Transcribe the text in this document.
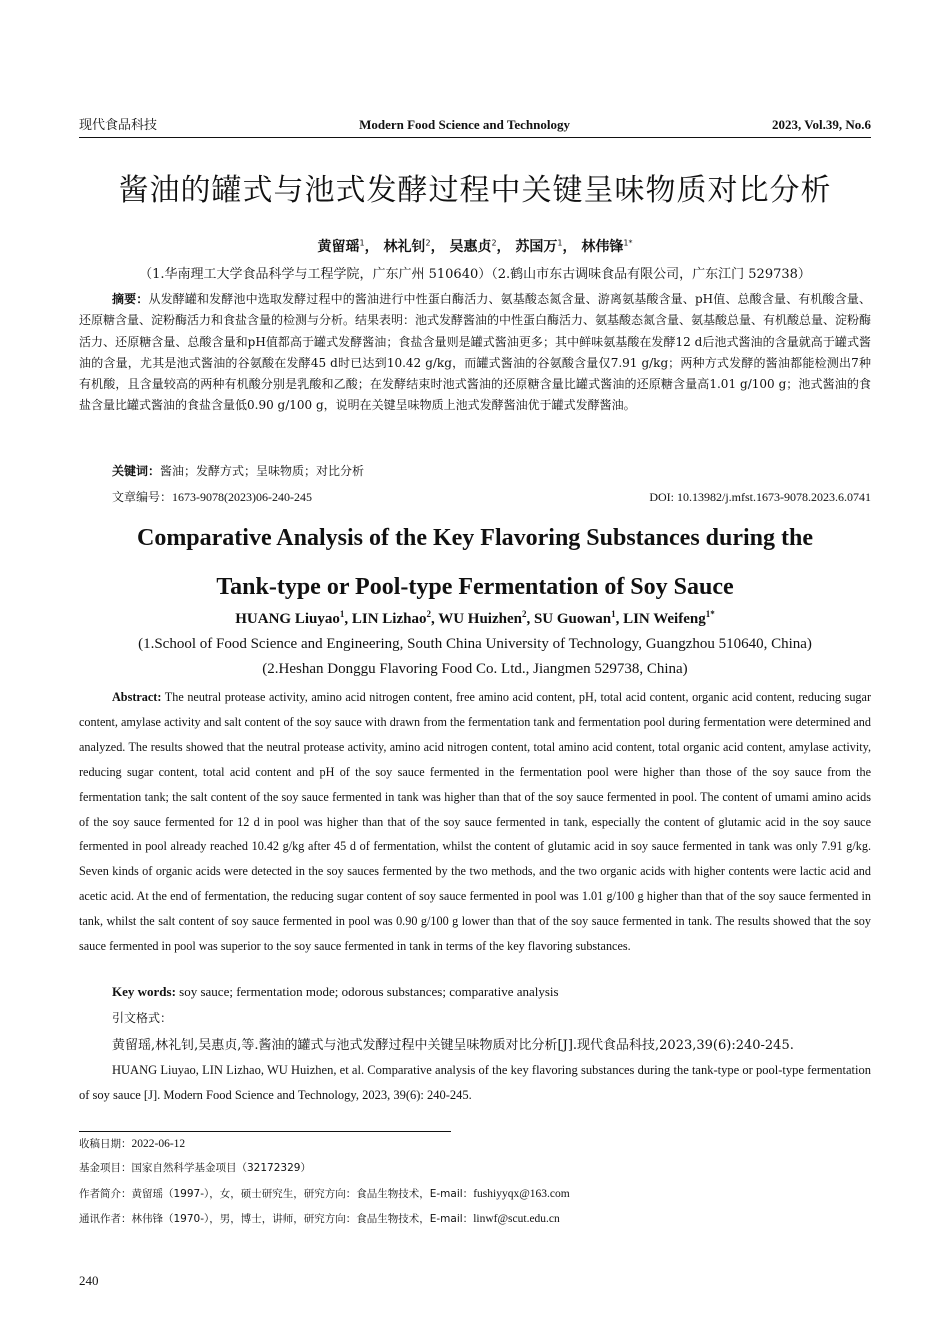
现代食品科技	Modern Food Science and Technology	2023, Vol.39, No.6
酱油的罐式与池式发酵过程中关键呈味物质对比分析
黄留瑶$^1$， 林礼钊$^2$， 吴惠贞$^2$， 苏国万$^1$， 林伟锋$^{1*}$
（1.华南理工大学食品科学与工程学院，广东广州 510640）（2.鹤山市东古调味食品有限公司，广东江门 529738）
摘要：从发酵罐和发酵池中选取发酵过程中的酱油进行中性蛋白酶活力、氨基酸态氮含量、游离氨基酸含量、pH值、总酸含量、有机酸含量、还原糖含量、淀粉酶活力和食盐含量的检测与分析。结果表明：池式发酵酱油的中性蛋白酶活力、氨基酸态氮含量、氨基酸总量、有机酸总量、淀粉酶活力、还原糖含量、总酸含量和pH值都高于罐式发酵酱油；食盐含量则是罐式酱油更多；其中鲜味氨基酸在发酵12 d后池式酱油的含量就高于罐式酱油的含量，尤其是池式酱油的谷氨酸在发酵45 d时已达到10.42 g/kg，而罐式酱油的谷氨酸含量仅7.91 g/kg；两种方式发酵的酱油都能检测出7种有机酸，且含量较高的两种有机酸分别是乳酸和乙酸；在发酵结束时池式酱油的还原糖含量比罐式酱油的还原糖含量高1.01 g/100 g；池式酱油的食盐含量比罐式酱油的食盐含量低0.90 g/100 g，说明在关键呈味物质上池式发酵酱油优于罐式发酵酱油。
关键词：酱油；发酵方式；呈味物质；对比分析
文章编号：1673-9078(2023)06-240-245	DOI: 10.13982/j.mfst.1673-9078.2023.6.0741
Comparative Analysis of the Key Flavoring Substances during the
Tank-type or Pool-type Fermentation of Soy Sauce
HUANG Liuyao$^1$, LIN Lizhao$^2$, WU Huizhen$^2$, SU Guowan$^1$, LIN Weifeng$^{1*}$
(1.School of Food Science and Engineering, South China University of Technology, Guangzhou 510640, China)
(2.Heshan Donggu Flavoring Food Co. Ltd., Jiangmen 529738, China)
Abstract: The neutral protease activity, amino acid nitrogen content, free amino acid content, pH, total acid content, organic acid content, reducing sugar content, amylase activity and salt content of the soy sauce with drawn from the fermentation tank and fermentation pool during fermentation were determined and analyzed. The results showed that the neutral protease activity, amino acid nitrogen content, total amino acid content, total organic acid content, amylase activity, reducing sugar content, total acid content and pH of the soy sauce fermented in the fermentation pool were higher than those of the soy sauce from the fermentation tank; the salt content of the soy sauce fermented in tank was higher than that of the soy sauce fermented in pool. The content of umami amino acids of the soy sauce fermented for 12 d in pool was higher than that of the soy sauce fermented in tank, especially the content of glutamic acid in the soy sauce fermented in pool already reached 10.42 g/kg after 45 d of fermentation, whilst the content of glutamic acid in soy sauce fermented in tank was only 7.91 g/kg. Seven kinds of organic acids were detected in the soy sauces fermented by the two methods, and the two organic acids with higher contents were lactic acid and acetic acid. At the end of fermentation, the reducing sugar content of soy sauce fermented in pool was 1.01 g/100 g higher than that of the soy sauce fermented in tank, whilst the salt content of soy sauce fermented in pool was 0.90 g/100 g lower than that of the soy sauce fermented in tank. The results showed that the soy sauce fermented in pool was superior to the soy sauce fermented in tank in terms of the key flavoring substances.
Key words: soy sauce; fermentation mode; odorous substances; comparative analysis
引文格式：
黄留瑶,林礼钊,吴惠贞,等.酱油的罐式与池式发酵过程中关键呈味物质对比分析[J].现代食品科技,2023,39(6):240-245.
HUANG Liuyao, LIN Lizhao, WU Huizhen, et al. Comparative analysis of the key flavoring substances during the tank-type or pool-type fermentation of soy sauce [J]. Modern Food Science and Technology, 2023, 39(6): 240-245.
收稿日期：2022-06-12
基金项目：国家自然科学基金项目（32172329）
作者简介：黄留瑶（1997-），女，硕士研究生，研究方向：食品生物技术，E-mail：fushiyyqx@163.com
通讯作者：林伟锋（1970-），男，博士，讲师，研究方向：食品生物技术，E-mail：linwf@scut.edu.cn
240
